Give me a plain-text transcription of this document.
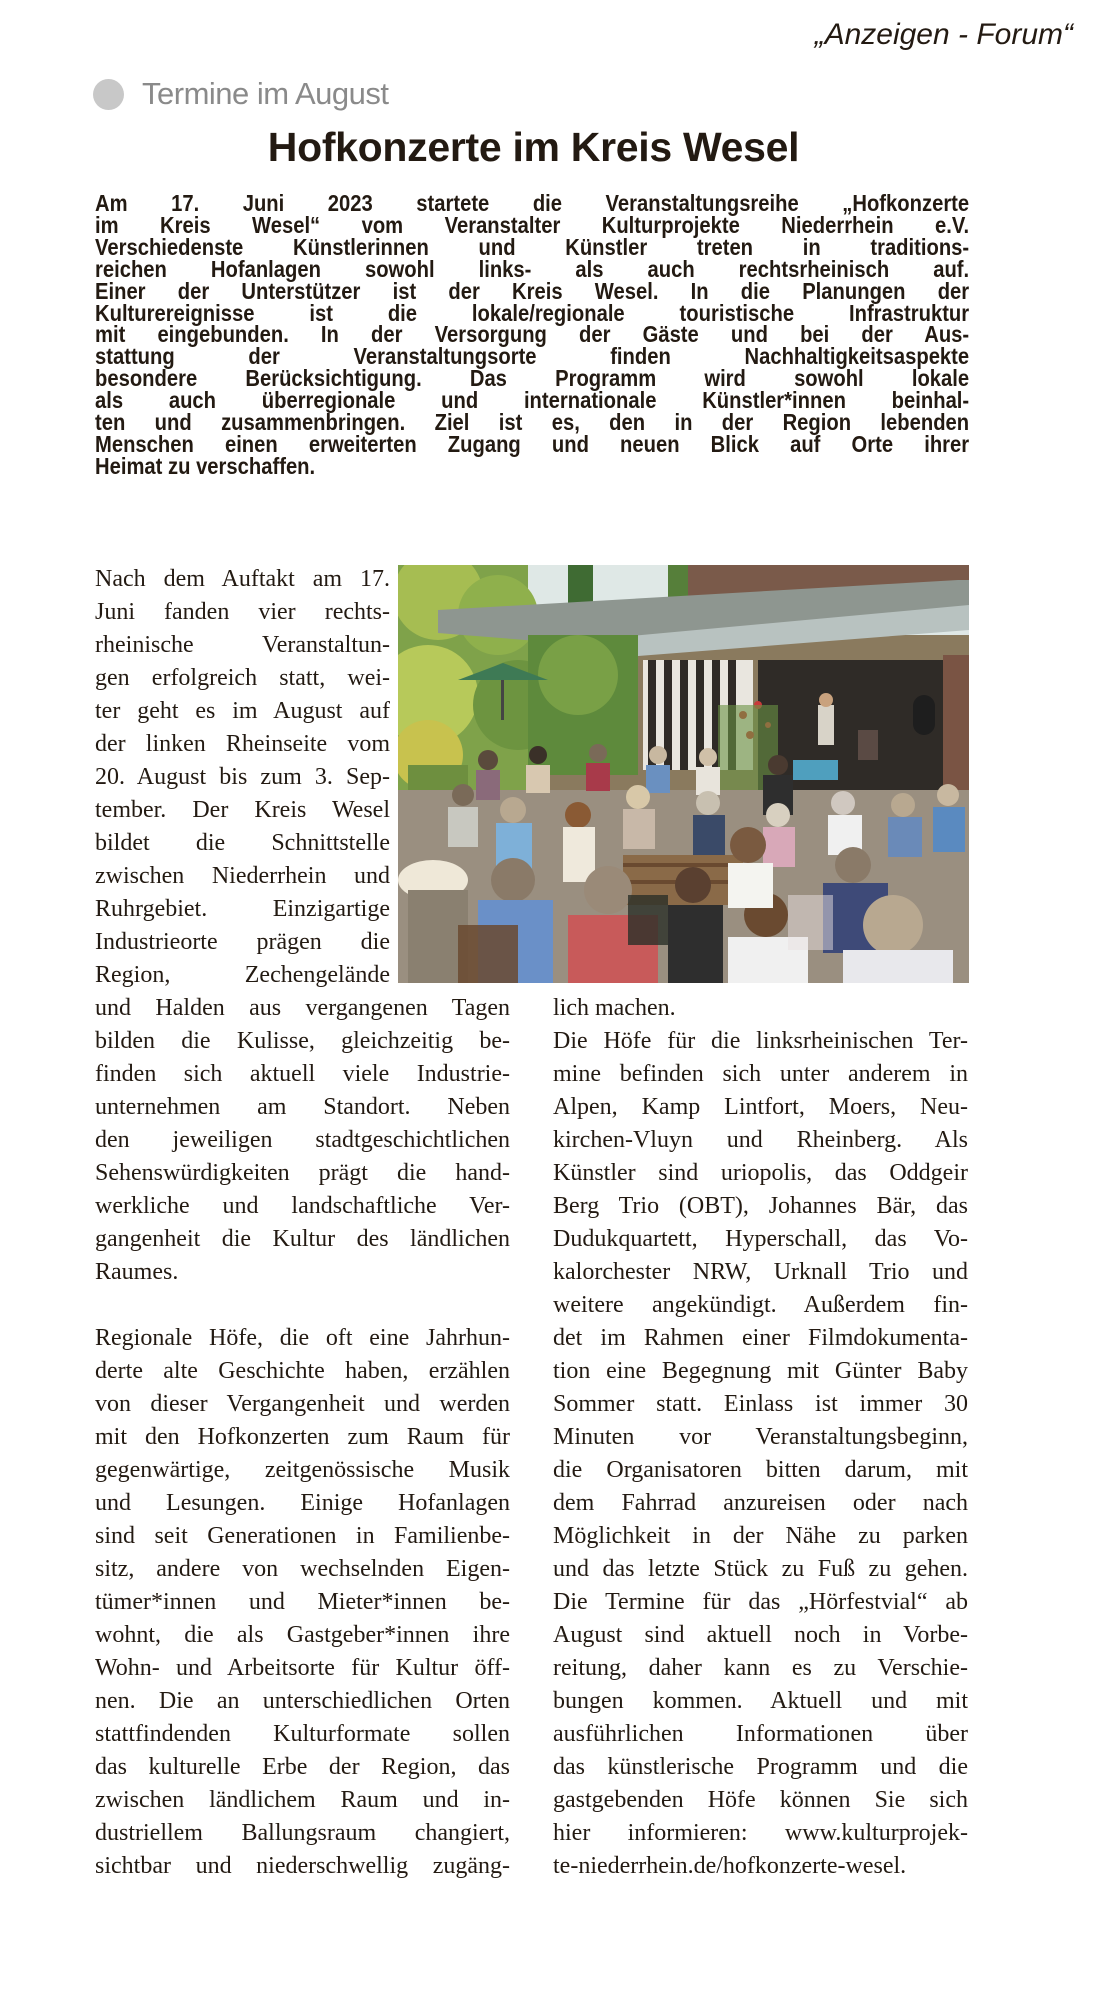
„Anzeigen - Forum“
Termine im August
Hofkonzerte im Kreis Wesel
Am 17. Juni 2023 startete die Veranstaltungsreihe „Hofkonzerte
im Kreis Wesel“ vom Veranstalter Kulturprojekte Niederrhein e.V.
Verschiedenste Künstlerinnen und Künstler treten in traditions-
reichen Hofanlagen sowohl links- als auch rechtsrheinisch auf.
Einer der Unterstützer ist der Kreis Wesel. In die Planungen der
Kulturereignisse ist die lokale/regionale touristische Infrastruktur
mit eingebunden. In der Versorgung der Gäste und bei der Aus-
stattung der Veranstaltungsorte finden Nachhaltigkeitsaspekte
besondere Berücksichtigung. Das Programm wird sowohl lokale
als auch überregionale und internationale Künstler*innen beinhal-
ten und zusammenbringen. Ziel ist es, den in der Region lebenden
Menschen einen erweiterten Zugang und neuen Blick auf Orte ihrer
Heimat zu verschaffen.
Nach dem Auftakt am 17.
Juni fanden vier rechts-
rheinische Veranstaltun-
gen erfolgreich statt, wei-
ter geht es im August auf
der linken Rheinseite vom
20. August bis zum 3. Sep-
tember. Der Kreis Wesel
bildet die Schnittstelle
zwischen Niederrhein und
Ruhrgebiet. Einzigartige
Industrieorte prägen die
Region, Zechengelände
und Halden aus vergangenen Tagen
bilden die Kulisse, gleichzeitig be-
finden sich aktuell viele Industrie-
unternehmen am Standort. Neben
den jeweiligen stadtgeschichtlichen
Sehenswürdigkeiten prägt die hand-
werkliche und landschaftliche Ver-
gangenheit die Kultur des ländlichen
Raumes.
Regionale Höfe, die oft eine Jahrhun-
derte alte Geschichte haben, erzählen
von dieser Vergangenheit und werden
mit den Hofkonzerten zum Raum für
gegenwärtige, zeitgenössische Musik
und Lesungen. Einige Hofanlagen
sind seit Generationen in Familienbe-
sitz, andere von wechselnden Eigen-
tümer*innen und Mieter*innen be-
wohnt, die als Gastgeber*innen ihre
Wohn- und Arbeitsorte für Kultur öff-
nen. Die an unterschiedlichen Orten
stattfindenden Kulturformate sollen
das kulturelle Erbe der Region, das
zwischen ländlichem Raum und in-
dustriellem Ballungsraum changiert,
sichtbar und niederschwellig zugäng-
lich machen.
Die Höfe für die linksrheinischen Ter-
mine befinden sich unter anderem in
Alpen, Kamp Lintfort, Moers, Neu-
kirchen-Vluyn und Rheinberg. Als
Künstler sind uriopolis, das Oddgeir
Berg Trio (OBT), Johannes Bär, das
Dudukquartett, Hyperschall, das Vo-
kalorchester NRW, Urknall Trio und
weitere angekündigt. Außerdem fin-
det im Rahmen einer Filmdokumenta-
tion eine Begegnung mit Günter Baby
Sommer statt. Einlass ist immer 30
Minuten vor Veranstaltungsbeginn,
die Organisatoren bitten darum, mit
dem Fahrrad anzureisen oder nach
Möglichkeit in der Nähe zu parken
und das letzte Stück zu Fuß zu gehen.
Die Termine für das „Hörfestvial“ ab
August sind aktuell noch in Vorbe-
reitung, daher kann es zu Verschie-
bungen kommen. Aktuell und mit
ausführlichen Informationen über
das künstlerische Programm und die
gastgebenden Höfe können Sie sich
hier informieren: www.kulturprojek-
te-niederrhein.de/hofkonzerte-wesel.
